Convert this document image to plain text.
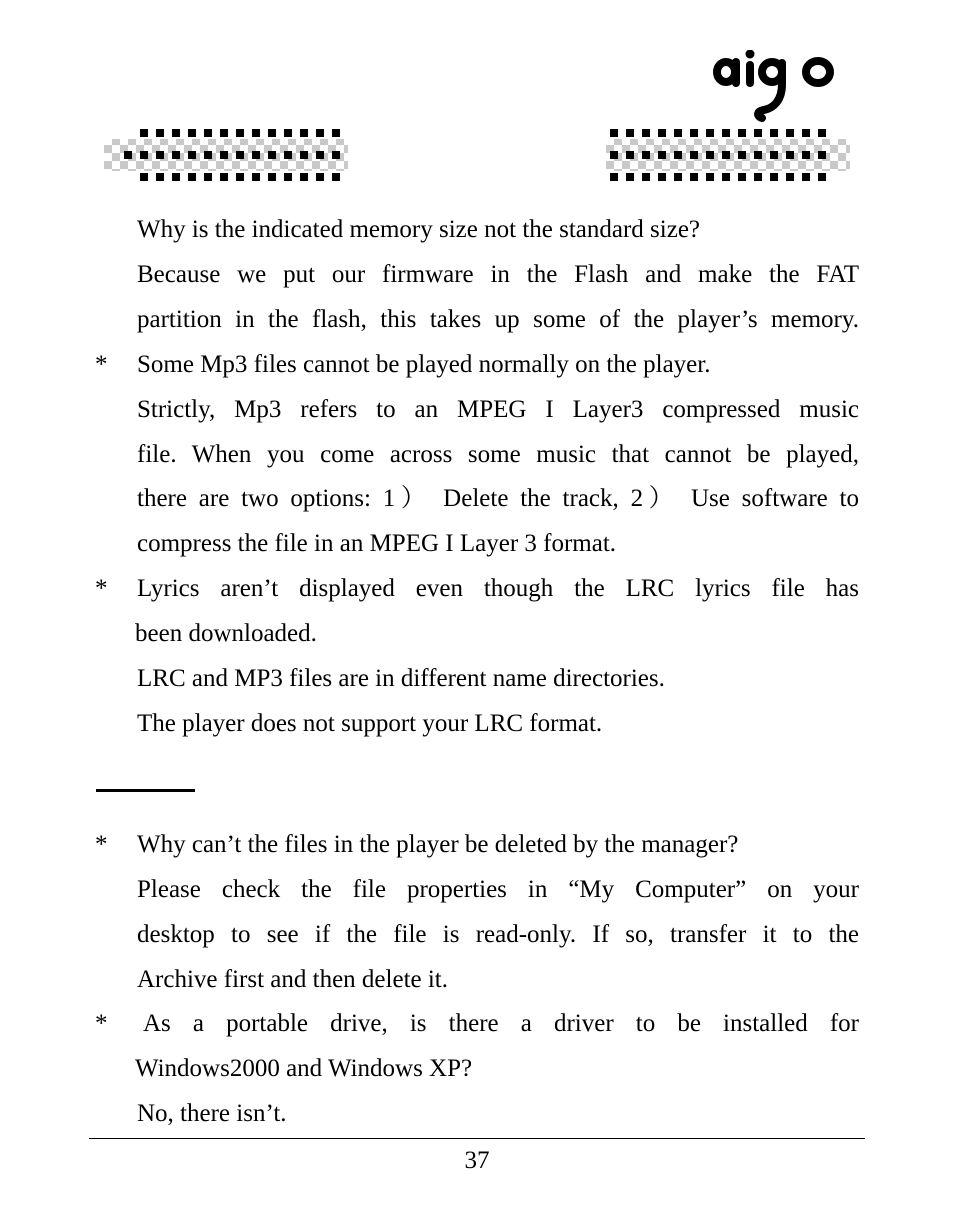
Why is the indicated memory size not the standard size?
Because we put our firmware in the Flash and make the FAT
partition in the flash, this takes up some of the player’s memory.
* Some Mp3 files cannot be played normally on the player.
Strictly, Mp3 refers to an MPEG I Layer3 compressed music
file. When you come across some music that cannot be played,
there are two options: 1） Delete the track, 2） Use software to
compress the file in an MPEG I Layer 3 format.
* Lyrics aren’t displayed even though the LRC lyrics file has
been downloaded.
LRC and MP3 files are in different name directories.
The player does not support your LRC format.
* Why can’t the files in the player be deleted by the manager?
Please check the file properties in “My Computer” on your
desktop to see if the file is read-only. If so, transfer it to the
Archive first and then delete it.
* As a portable drive, is there a driver to be installed for
Windows2000 and Windows XP?
No, there isn’t.
37
